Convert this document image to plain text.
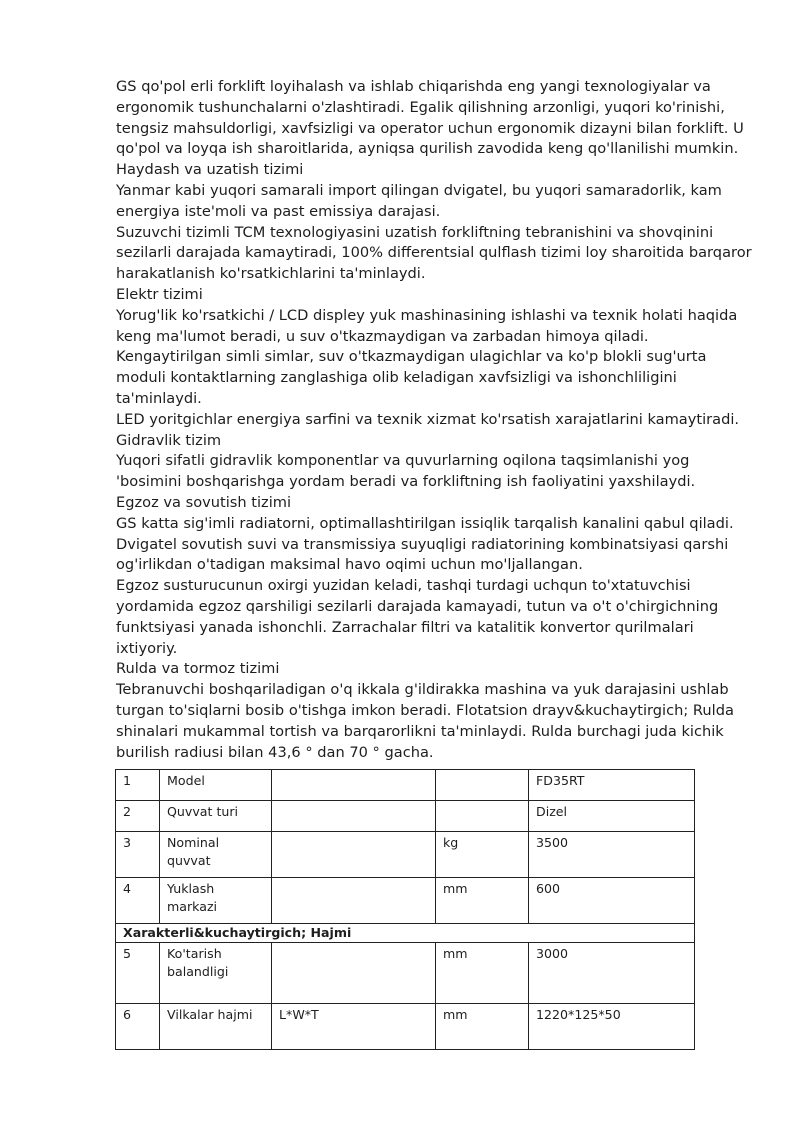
GS qo'pol erli forklift loyihalash va ishlab chiqarishda eng yangi texnologiyalar va ergonomik tushunchalarni o'zlashtiradi. Egalik qilishning arzonligi, yuqori ko'rinishi, tengsiz mahsuldorligi, xavfsizligi va operator uchun ergonomik dizayni bilan forklift. U qo'pol va loyqa ish sharoitlarida, ayniqsa qurilish zavodida keng qo'llanilishi mumkin.

Haydash va uzatish tizimi

Yanmar kabi yuqori samarali import qilingan dvigatel, bu yuqori samaradorlik, kam energiya iste'moli va past emissiya darajasi.

Suzuvchi tizimli TCM texnologiyasini uzatish forkliftning tebranishini va shovqinini sezilarli darajada kamaytiradi, 100% differentsial qulflash tizimi loy sharoitida barqaror harakatlanish ko'rsatkichlarini ta'minlaydi.

Elektr tizimi

Yorug'lik ko'rsatkichi / LCD displey yuk mashinasining ishlashi va texnik holati haqida keng ma'lumot beradi, u suv o'tkazmaydigan va zarbadan himoya qiladi.

Kengaytirilgan simli simlar, suv o'tkazmaydigan ulagichlar va ko'p blokli sug'urta moduli kontaktlarning zanglashiga olib keladigan xavfsizligi va ishonchliligini ta'minlaydi.

LED yoritgichlar energiya sarfini va texnik xizmat ko'rsatish xarajatlarini kamaytiradi.

Gidravlik tizim

Yuqori sifatli gidravlik komponentlar va quvurlarning oqilona taqsimlanishi yog 'bosimini boshqarishga yordam beradi va forkliftning ish faoliyatini yaxshilaydi.

Egzoz va sovutish tizimi

GS katta sig'imli radiatorni, optimallashtirilgan issiqlik tarqalish kanalini qabul qiladi. Dvigatel sovutish suvi va transmissiya suyuqligi radiatorining kombinatsiyasi qarshi og'irlikdan o'tadigan maksimal havo oqimi uchun mo'ljallangan.

Egzoz susturucunun oxirgi yuzidan keladi, tashqi turdagi uchqun to'xtatuvchisi yordamida egzoz qarshiligi sezilarli darajada kamayadi, tutun va o't o'chirgichning funktsiyasi yanada ishonchli. Zarrachalar filtri va katalitik konvertor qurilmalari ixtiyoriy.

Rulda va tormoz tizimi

Tebranuvchi boshqariladigan o'q ikkala g'ildirakka mashina va yuk darajasini ushlab turgan to'siqlarni bosib o'tishga imkon beradi. Flotatsion drayv&kuchaytirgich; Rulda shinalari mukammal tortish va barqarorlikni ta'minlaydi. Rulda burchagi juda kichik burilish radiusi bilan 43,6 ° dan 70 ° gacha.

1	Model			FD35RT
2	Quvvat turi			Dizel
3	Nominal quvvat		kg	3500
4	Yuklash markazi		mm	600
Xarakterli&kuchaytirgich; Hajmi				
5	Ko'tarish balandligi		mm	3000
6	Vilkalar hajmi	L*W*T	mm	1220*125*50
